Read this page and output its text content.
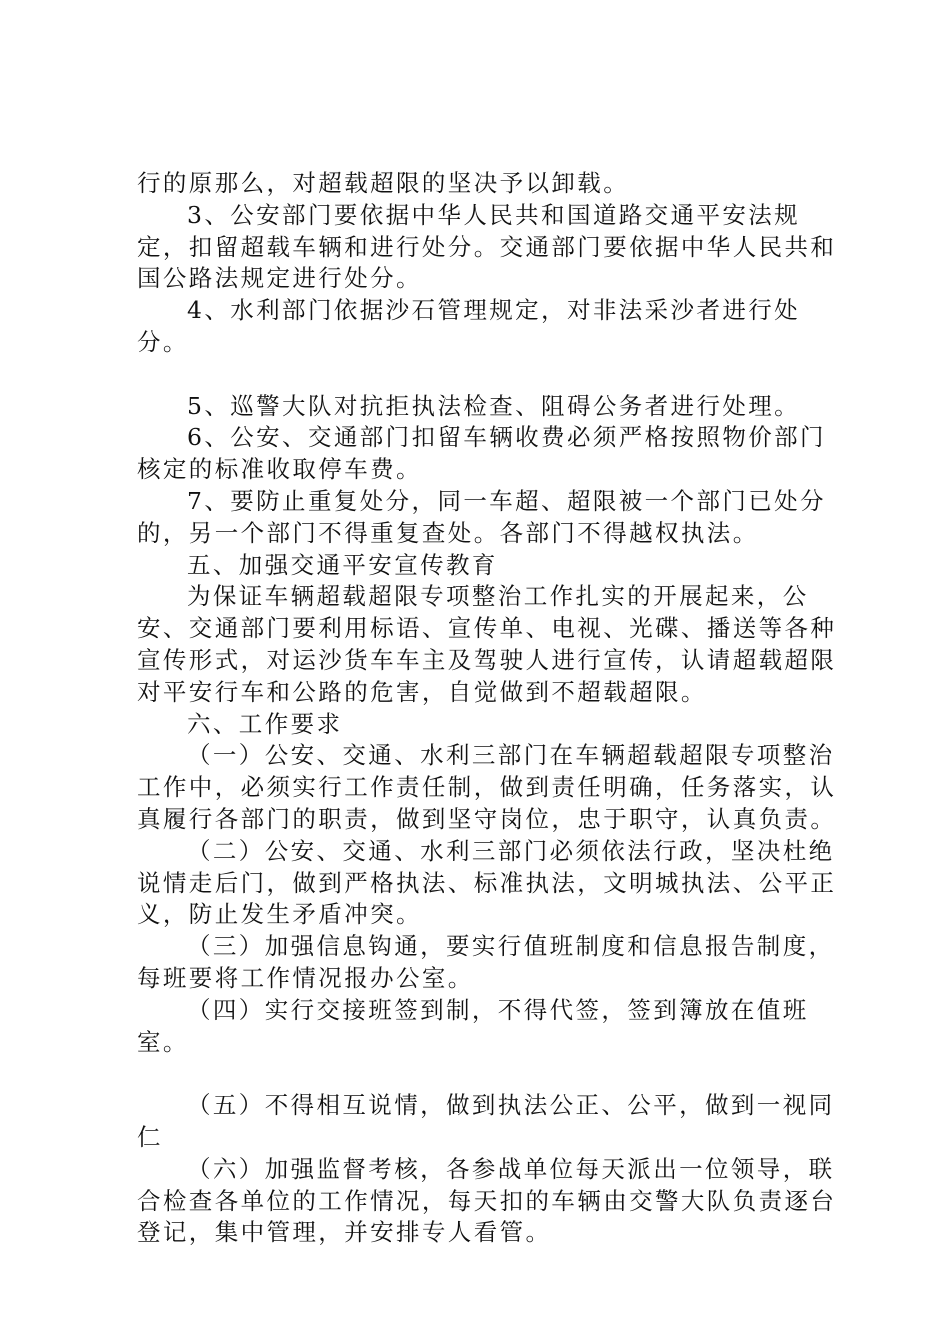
行的原那么，对超载超限的坚决予以卸载。

3、公安部门要依据中华人民共和国道路交通平安法规定，扣留超载车辆和进行处分。交通部门要依据中华人民共和国公路法规定进行处分。

4、水利部门依据沙石管理规定，对非法采沙者进行处分。

5、巡警大队对抗拒执法检查、阻碍公务者进行处理。

6、公安、交通部门扣留车辆收费必须严格按照物价部门核定的标准收取停车费。

7、要防止重复处分，同一车超、超限被一个部门已处分的，另一个部门不得重复查处。各部门不得越权执法。

五、加强交通平安宣传教育

为保证车辆超载超限专项整治工作扎实的开展起来，公安、交通部门要利用标语、宣传单、电视、光碟、播送等各种宣传形式，对运沙货车车主及驾驶人进行宣传，认请超载超限对平安行车和公路的危害，自觉做到不超载超限。

六、工作要求

（一）公安、交通、水利三部门在车辆超载超限专项整治工作中，必须实行工作责任制，做到责任明确，任务落实，认真履行各部门的职责，做到坚守岗位，忠于职守，认真负责。

（二）公安、交通、水利三部门必须依法行政，坚决杜绝说情走后门，做到严格执法、标准执法，文明城执法、公平正义，防止发生矛盾冲突。

（三）加强信息钩通，要实行值班制度和信息报告制度，每班要将工作情况报办公室。

（四）实行交接班签到制，不得代签，签到簿放在值班室。

（五）不得相互说情，做到执法公正、公平，做到一视同仁

（六）加强监督考核，各参战单位每天派出一位领导，联合检查各单位的工作情况，每天扣的车辆由交警大队负责逐台登记，集中管理，并安排专人看管。
